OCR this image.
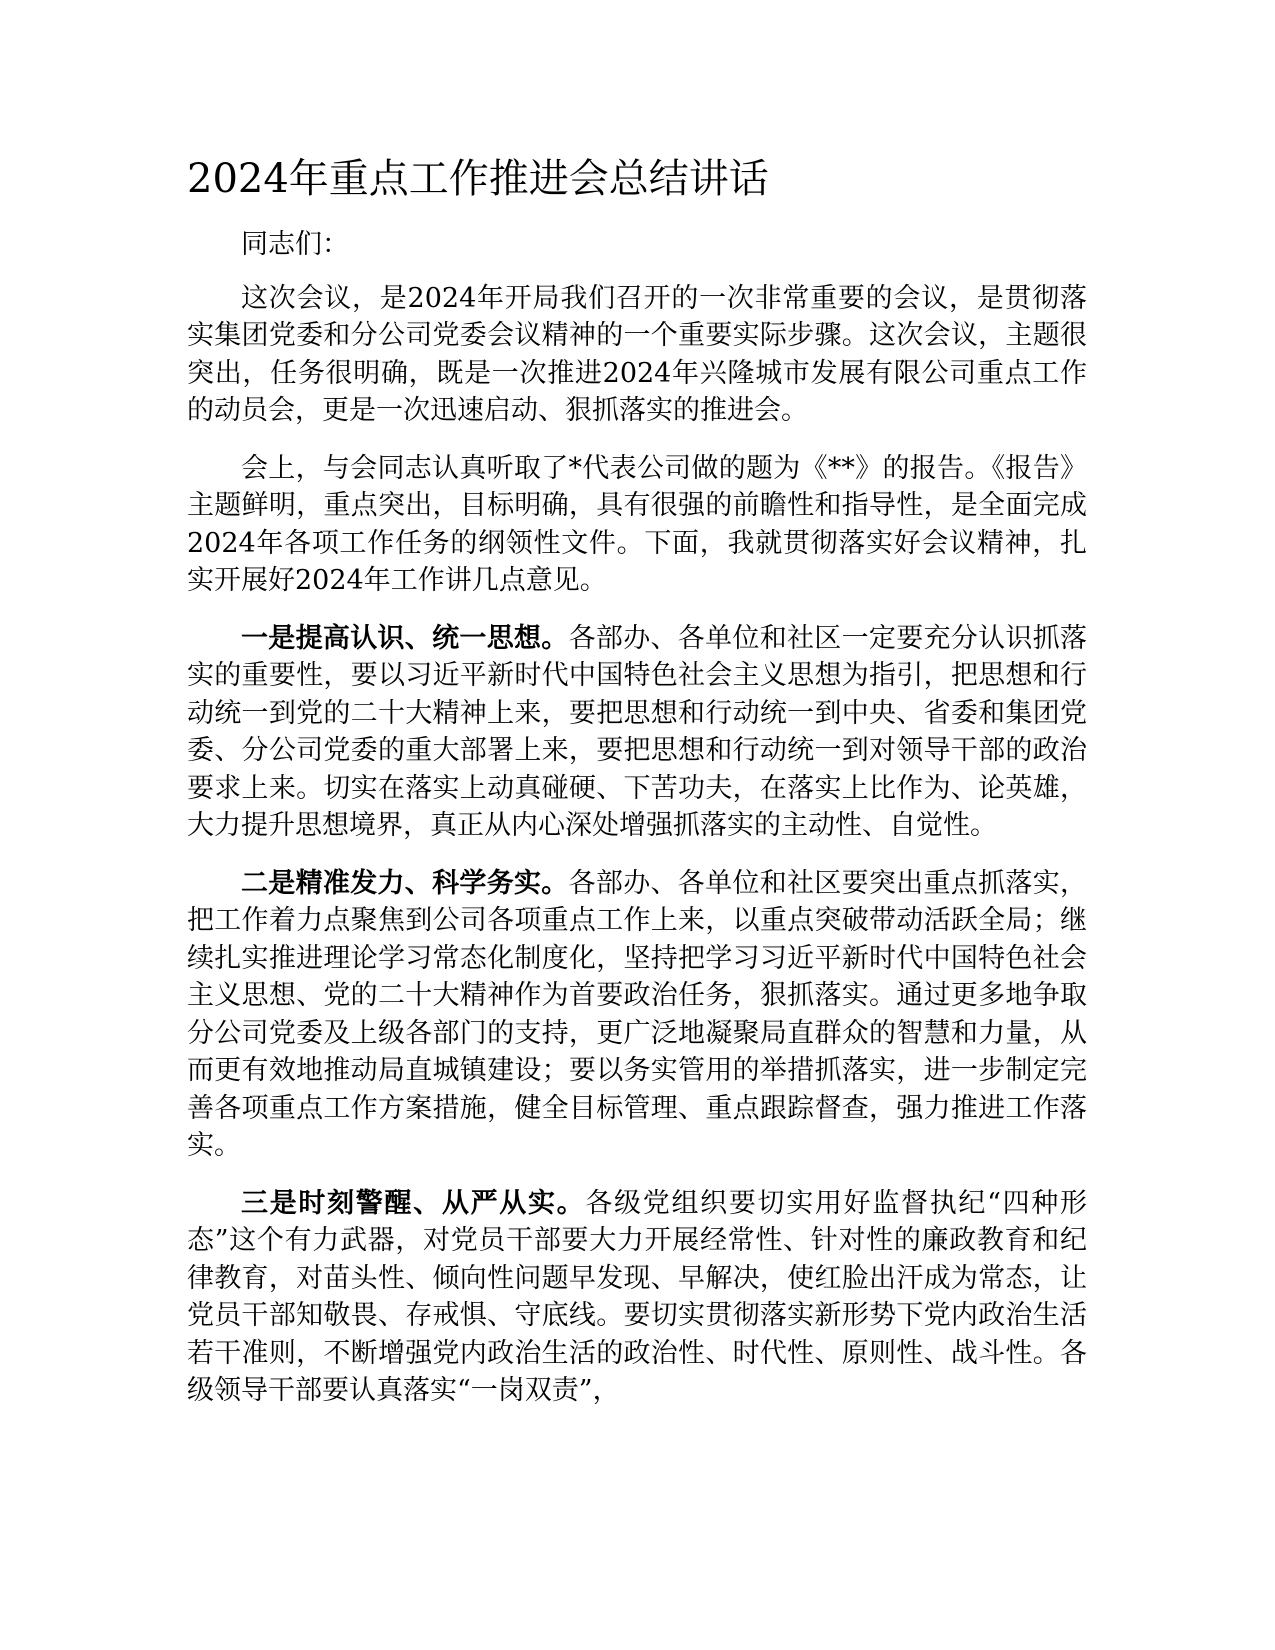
2024年重点工作推进会总结讲话

同志们：

这次会议，是2024年开局我们召开的一次非常重要的会议，是贯彻落实集团党委和分公司党委会议精神的一个重要实际步骤。这次会议，主题很突出，任务很明确，既是一次推进2024年兴隆城市发展有限公司重点工作的动员会，更是一次迅速启动、狠抓落实的推进会。

会上，与会同志认真听取了*代表公司做的题为《**》的报告。《报告》主题鲜明，重点突出，目标明确，具有很强的前瞻性和指导性，是全面完成2024年各项工作任务的纲领性文件。下面，我就贯彻落实好会议精神，扎实开展好2024年工作讲几点意见。

一是提高认识、统一思想。各部办、各单位和社区一定要充分认识抓落实的重要性，要以习近平新时代中国特色社会主义思想为指引，把思想和行动统一到党的二十大精神上来，要把思想和行动统一到中央、省委和集团党委、分公司党委的重大部署上来，要把思想和行动统一到对领导干部的政治要求上来。切实在落实上动真碰硬、下苦功夫，在落实上比作为、论英雄，大力提升思想境界，真正从内心深处增强抓落实的主动性、自觉性。

二是精准发力、科学务实。各部办、各单位和社区要突出重点抓落实，把工作着力点聚焦到公司各项重点工作上来，以重点突破带动活跃全局；继续扎实推进理论学习常态化制度化，坚持把学习习近平新时代中国特色社会主义思想、党的二十大精神作为首要政治任务，狠抓落实。通过更多地争取分公司党委及上级各部门的支持，更广泛地凝聚局直群众的智慧和力量，从而更有效地推动局直城镇建设；要以务实管用的举措抓落实，进一步制定完善各项重点工作方案措施，健全目标管理、重点跟踪督查，强力推进工作落实。

三是时刻警醒、从严从实。各级党组织要切实用好监督执纪“四种形态”这个有力武器，对党员干部要大力开展经常性、针对性的廉政教育和纪律教育，对苗头性、倾向性问题早发现、早解决，使红脸出汗成为常态，让党员干部知敬畏、存戒惧、守底线。要切实贯彻落实新形势下党内政治生活若干准则，不断增强党内政治生活的政治性、时代性、原则性、战斗性。各级领导干部要认真落实“一岗双责”，
